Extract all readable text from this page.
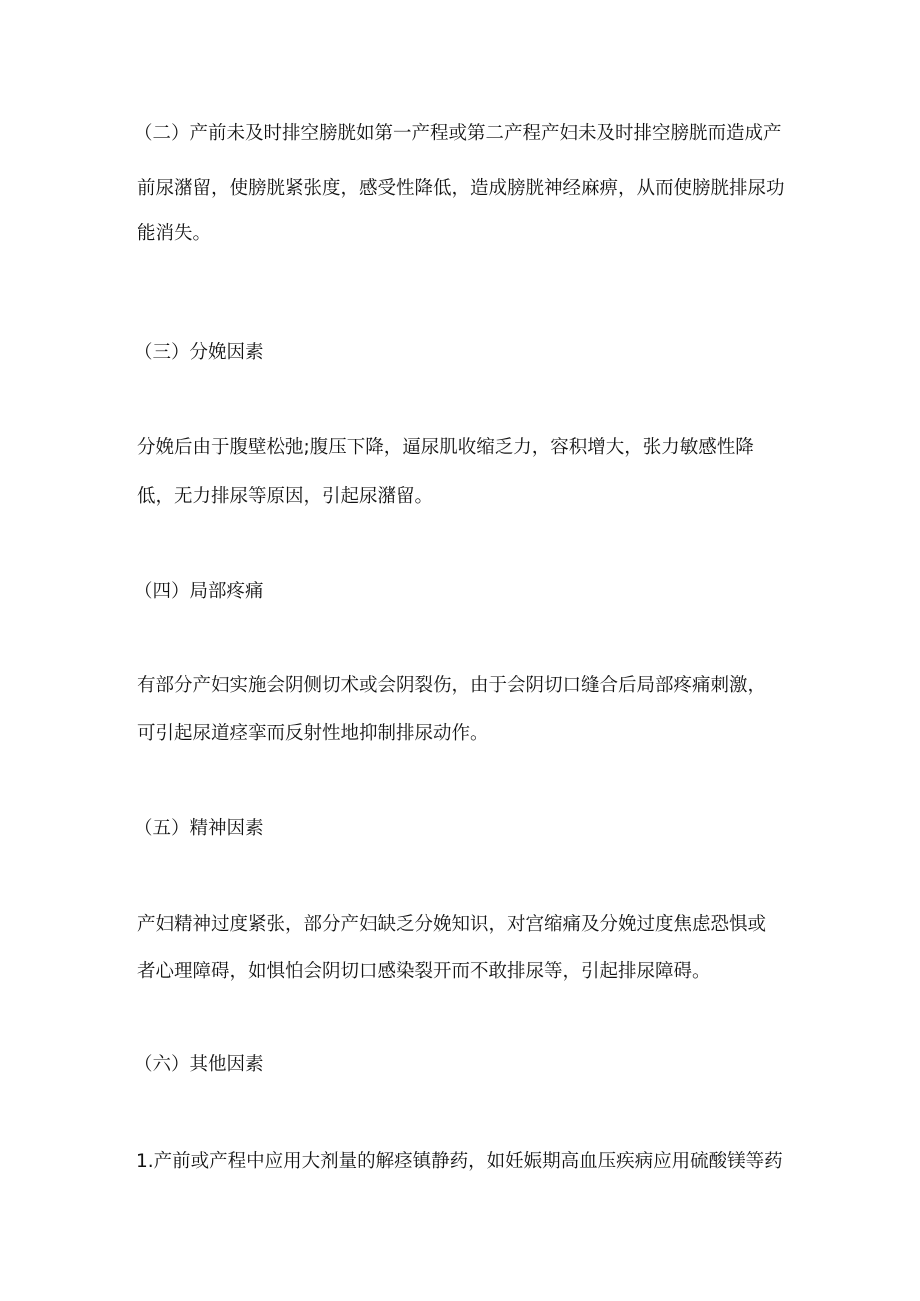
（二）产前未及时排空膀胱如第一产程或第二产程产妇未及时排空膀胱而造成产
前尿潴留，使膀胱紧张度，感受性降低，造成膀胱神经麻痹，从而使膀胱排尿功
能消失。
（三）分娩因素
分娩后由于腹壁松弛;腹压下降，逼尿肌收缩乏力，容积增大，张力敏感性降
低，无力排尿等原因，引起尿潴留。
（四）局部疼痛
有部分产妇实施会阴侧切术或会阴裂伤，由于会阴切口缝合后局部疼痛刺激，
可引起尿道痉挛而反射性地抑制排尿动作。
（五）精神因素
产妇精神过度紧张，部分产妇缺乏分娩知识，对宫缩痛及分娩过度焦虑恐惧或
者心理障碍，如惧怕会阴切口感染裂开而不敢排尿等，引起排尿障碍。
（六）其他因素
1.产前或产程中应用大剂量的解痉镇静药，如妊娠期高血压疾病应用硫酸镁等药
